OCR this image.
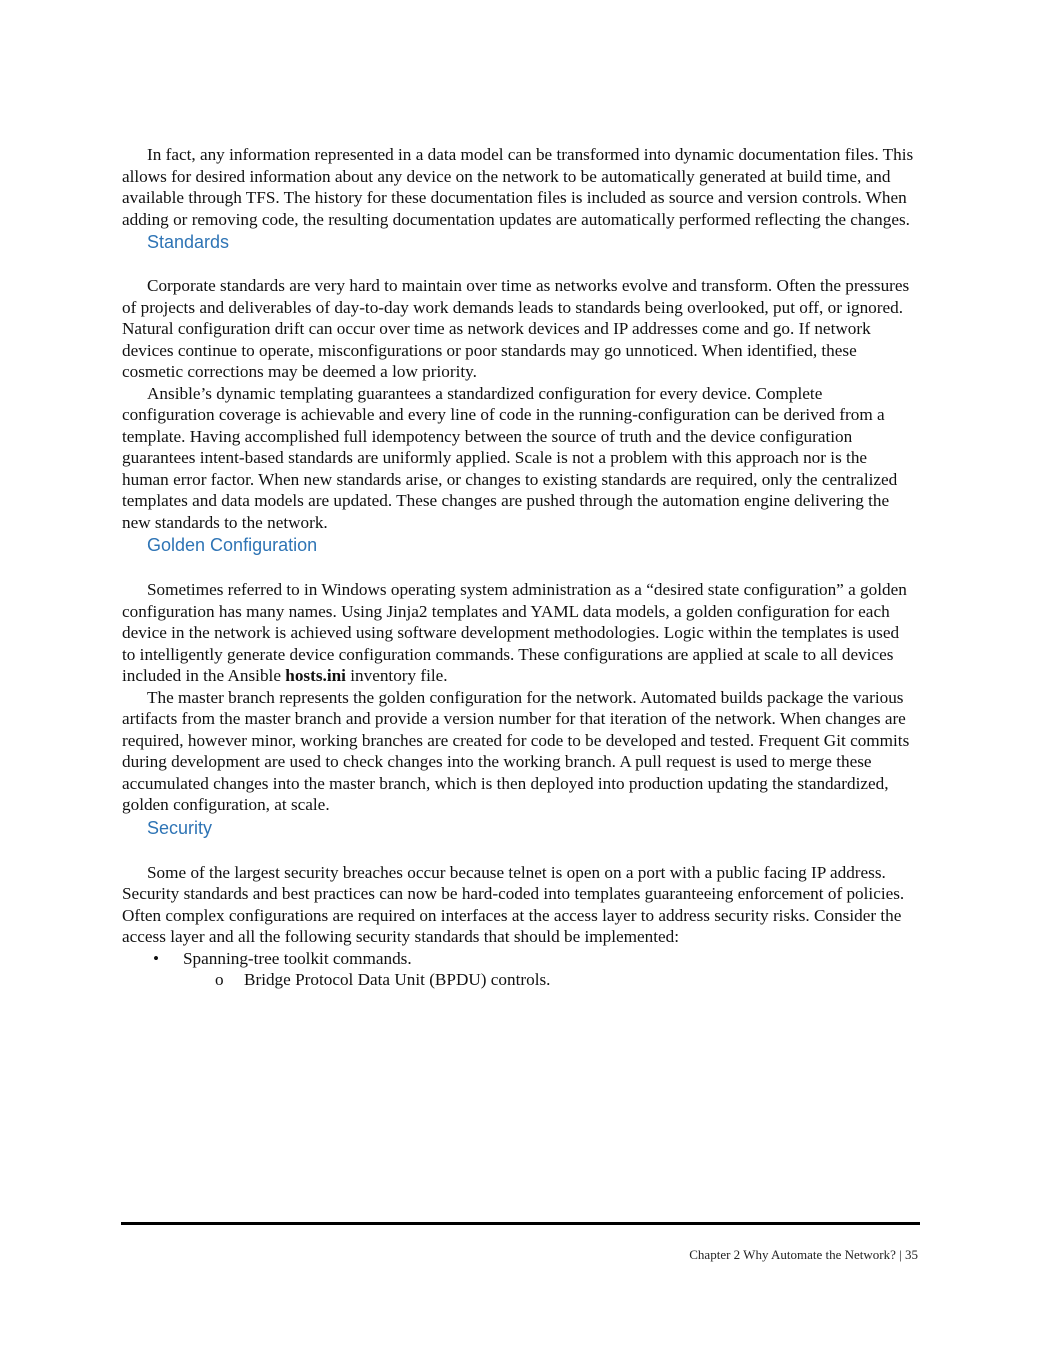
In fact, any information represented in a data model can be transformed into dynamic documentation files. This allows for desired information about any device on the network to be automatically generated at build time, and available through TFS. The history for these documentation files is included as source and version controls. When adding or removing code, the resulting documentation updates are automatically performed reflecting the changes.

Standards

Corporate standards are very hard to maintain over time as networks evolve and transform. Often the pressures of projects and deliverables of day-to-day work demands leads to standards being overlooked, put off, or ignored. Natural configuration drift can occur over time as network devices and IP addresses come and go. If network devices continue to operate, misconfigurations or poor standards may go unnoticed. When identified, these cosmetic corrections may be deemed a low priority.

Ansible’s dynamic templating guarantees a standardized configuration for every device. Complete configuration coverage is achievable and every line of code in the running-configuration can be derived from a template. Having accomplished full idempotency between the source of truth and the device configuration guarantees intent-based standards are uniformly applied. Scale is not a problem with this approach nor is the human error factor. When new standards arise, or changes to existing standards are required, only the centralized templates and data models are updated. These changes are pushed through the automation engine delivering the new standards to the network.

Golden Configuration

Sometimes referred to in Windows operating system administration as a “desired state configuration” a golden configuration has many names. Using Jinja2 templates and YAML data models, a golden configuration for each device in the network is achieved using software development methodologies. Logic within the templates is used to intelligently generate device configuration commands. These configurations are applied at scale to all devices included in the Ansible hosts.ini inventory file.

The master branch represents the golden configuration for the network. Automated builds package the various artifacts from the master branch and provide a version number for that iteration of the network. When changes are required, however minor, working branches are created for code to be developed and tested. Frequent Git commits during development are used to check changes into the working branch. A pull request is used to merge these accumulated changes into the master branch, which is then deployed into production updating the standardized, golden configuration, at scale.

Security

Some of the largest security breaches occur because telnet is open on a port with a public facing IP address. Security standards and best practices can now be hard-coded into templates guaranteeing enforcement of policies. Often complex configurations are required on interfaces at the access layer to address security risks. Consider the access layer and all the following security standards that should be implemented:

• Spanning-tree toolkit commands.
o Bridge Protocol Data Unit (BPDU) controls.
Chapter 2 Why Automate the Network? | 35
